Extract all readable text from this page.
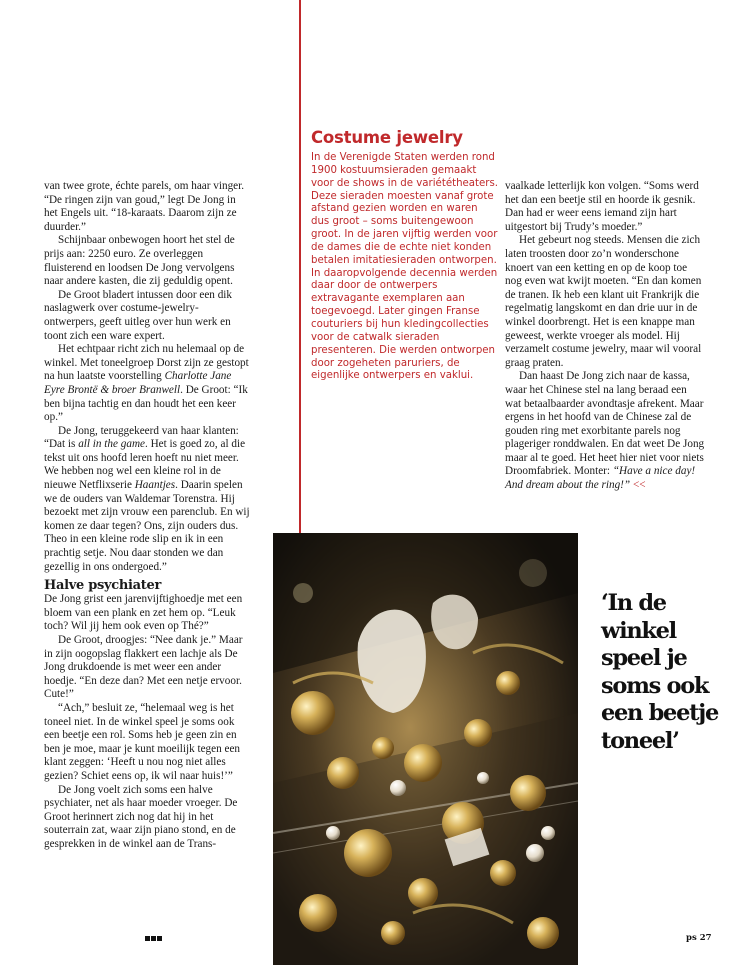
van twee grote, échte parels, om haar vinger. “De ringen zijn van goud,” legt De Jong in het Engels uit. “18-karaats. Daarom zijn ze duurder.”

Schijnbaar onbewogen hoort het stel de prijs aan: 2250 euro. Ze overleggen fluisterend en loodsen De Jong vervolgens naar andere kasten, die zij geduldig opent.

De Groot bladert intussen door een dik naslagwerk over costume-jewelry-ontwerpers, geeft uitleg over hun werk en toont zich een ware expert.

Het echtpaar richt zich nu helemaal op de winkel. Met toneelgroep Dorst zijn ze gestopt na hun laatste voorstelling Charlotte Jane Eyre Brontë & broer Branwell. De Groot: “Ik ben bijna tachtig en dan houdt het een keer op.”

De Jong, teruggekeerd van haar klanten: “Dat is all in the game. Het is goed zo, al die tekst uit ons hoofd leren hoeft nu niet meer. We hebben nog wel een kleine rol in de nieuwe Netflixserie Haantjes. Daarin spelen we de ouders van Waldemar Torenstra. Hij bezoekt met zijn vrouw een parenclub. En wij komen ze daar tegen? Ons, zijn ouders dus. Theo in een kleine rode slip en ik in een prachtig setje. Nou daar stonden we dan gezellig in ons ondergoed.”

Halve psychiater

De Jong grist een jarenvijftighoedje met een bloem van een plank en zet hem op. “Leuk toch? Wil jij hem ook even op Thé?”

De Groot, droogjes: “Nee dank je.” Maar in zijn oogopslag flakkert een lachje als De Jong drukdoende is met weer een ander hoedje. “En deze dan? Met een netje ervoor. Cute!”

“Ach,” besluit ze, “helemaal weg is het toneel niet. In de winkel speel je soms ook een beetje een rol. Soms heb je geen zin en ben je moe, maar je kunt moeilijk tegen een klant zeggen: ‘Heeft u nou nog niet alles gezien? Schiet eens op, ik wil naar huis!’”

De Jong voelt zich soms een halve psychiater, net als haar moeder vroeger. De Groot herinnert zich nog dat hij in het souterrain zat, waar zijn piano stond, en de gesprekken in de winkel aan de Trans-

Costume jewelry

In de Verenigde Staten werden rond 1900 kostuumsieraden gemaakt voor de shows in de variététheaters. Deze sieraden moesten vanaf grote afstand gezien worden en waren dus groot – soms buitengewoon groot. In de jaren vijftig werden voor de dames die de echte niet konden betalen imitatiesieraden ontworpen. In daaropvolgende decennia werden daar door de ontwerpers extravagante exemplaren aan toegevoegd. Later gingen Franse couturiers bij hun kledingcollecties voor de catwalk sieraden presenteren. Die werden ontworpen door zogeheten paruriers, de eigenlijke ontwerpers en vaklui.

vaalkade letterlijk kon volgen. “Soms werd het dan een beetje stil en hoorde ik gesnik. Dan had er weer eens iemand zijn hart uitgestort bij Trudy’s moeder.”

Het gebeurt nog steeds. Mensen die zich laten troosten door zo’n wonderschone knoert van een ketting en op de koop toe nog even wat kwijt moeten. “En dan komen de tranen. Ik heb een klant uit Frankrijk die regelmatig langskomt en dan drie uur in de winkel doorbrengt. Het is een knappe man geweest, werkte vroeger als model. Hij verzamelt costume jewelry, maar wil vooral graag praten.

Dan haast De Jong zich naar de kassa, waar het Chinese stel na lang beraad een wat betaalbaarder avondtasje afrekent. Maar ergens in het hoofd van de Chinese zal de gouden ring met exorbitante parels nog plageriger ronddwalen. En dat weet De Jong maar al te goed. Het heet hier niet voor niets Droomfabriek. Monter: “Have a nice day! And dream about the ring!” <<

‘In de winkel speel je soms ook een beetje toneel’
ps 27
